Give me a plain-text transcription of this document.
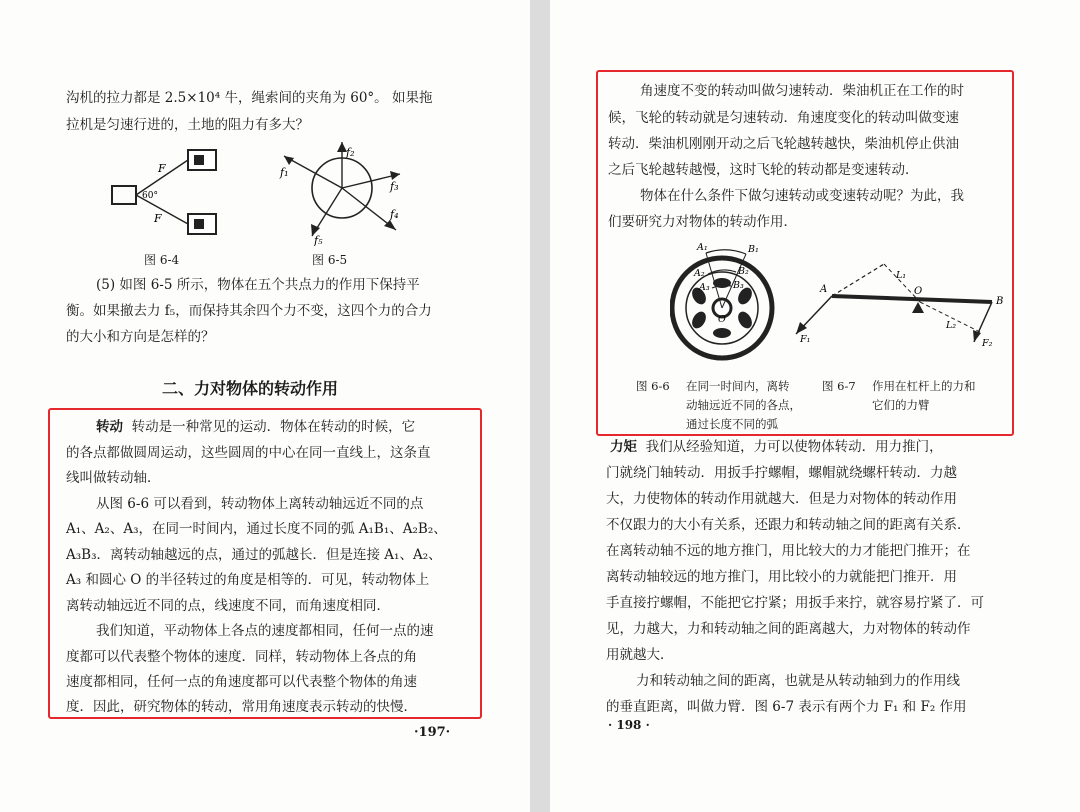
沟机的拉力都是 2.5×10⁴ 牛，绳索间的夹角为 60°。 如果拖
拉机是匀速行进的，土地的阻力有多大？
F
F
60°
图 6-4
f₁
f₂
f₃
f₄
f₅
图 6-5
(5) 如图 6-5 所示，物体在五个共点力的作用下保持平
衡。如果撤去力 f₅，而保持其余四个力不变，这四个力的合力
的大小和方向是怎样的？
二、力对物体的转动作用
转动 转动是一种常见的运动．物体在转动的时候，它
的各点都做圆周运动，这些圆周的中心在同一直线上，这条直
线叫做转动轴．
从图 6-6 可以看到，转动物体上离转动轴远近不同的点
A₁、A₂、A₃，在同一时间内，通过长度不同的弧 A₁B₁、A₂B₂、
A₃B₃．离转动轴越远的点，通过的弧越长．但是连接 A₁、A₂、
A₃ 和圆心 O 的半径转过的角度是相等的．可见，转动物体上
离转动轴远近不同的点，线速度不同，而角速度相同．
我们知道，平动物体上各点的速度都相同，任何一点的速
度都可以代表整个物体的速度．同样，转动物体上各点的角
速度都相同，任何一点的角速度都可以代表整个物体的角速
度．因此，研究物体的转动，常用角速度表示转动的快慢．
·197·
角速度不变的转动叫做匀速转动．柴油机正在工作的时
候，飞轮的转动就是匀速转动．角速度变化的转动叫做变速
转动．柴油机刚刚开动之后飞轮越转越快，柴油机停止供油
之后飞轮越转越慢，这时飞轮的转动都是变速转动．
物体在什么条件下做匀速转动或变速转动呢？为此，我
们要研究力对物体的转动作用．
A₁	B₁
A₂	B₂
A₃ B₃
O
A
B
O
L₁
L₂
F₁	F₂
图 6-6 在同一时间内，离转
动轴远近不同的各点，
通过长度不同的弧
图 6-7 作用在杠杆上的力和
它们的力臂
力矩 我们从经验知道，力可以使物体转动．用力推门，
门就绕门轴转动．用扳手拧螺帽，螺帽就绕螺杆转动．力越
大，力使物体的转动作用就越大．但是力对物体的转动作用
不仅跟力的大小有关系，还跟力和转动轴之间的距离有关系．
在离转动轴不远的地方推门，用比较大的力才能把门推开；在
离转动轴较远的地方推门，用比较小的力就能把门推开．用
手直接拧螺帽，不能把它拧紧；用扳手来拧，就容易拧紧了．可
见，力越大，力和转动轴之间的距离越大，力对物体的转动作
用就越大．
力和转动轴之间的距离，也就是从转动轴到力的作用线
的垂直距离，叫做力臂．图 6-7 表示有两个力 F₁ 和 F₂ 作用
· 198 ·
